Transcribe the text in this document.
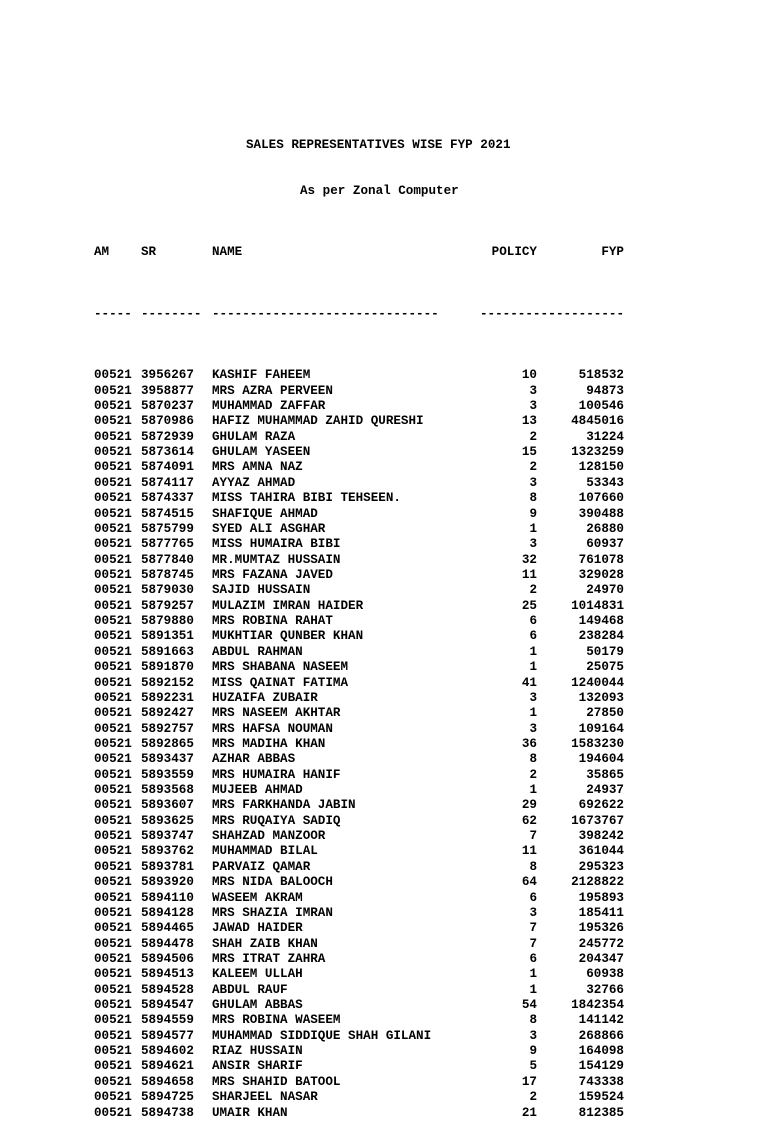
SALES REPRESENTATIVES WISE FYP 2021

As per Zonal Computer

AM	SR	NAME	POLICY	FYP

----- -------- ------------------------------	--------------------

00521 3956267 KASHIF FAHEEM	10	518532
00521 3958877 MRS AZRA PERVEEN	3	94873
00521 5870237 MUHAMMAD ZAFFAR	3	100546
00521 5870986 HAFIZ MUHAMMAD ZAHID QURESHI	13	4845016
00521 5872939 GHULAM RAZA	2	31224
00521 5873614 GHULAM YASEEN	15	1323259
00521 5874091 MRS AMNA NAZ	2	128150
00521 5874117 AYYAZ AHMAD	3	53343
00521 5874337 MISS TAHIRA BIBI TEHSEEN.	8	107660
00521 5874515 SHAFIQUE AHMAD	9	390488
00521 5875799 SYED ALI ASGHAR	1	26880
00521 5877765 MISS HUMAIRA BIBI	3	60937
00521 5877840 MR.MUMTAZ HUSSAIN	32	761078
00521 5878745 MRS FAZANA JAVED	11	329028
00521 5879030 SAJID HUSSAIN	2	24970
00521 5879257 MULAZIM IMRAN HAIDER	25	1014831
00521 5879880 MRS ROBINA RAHAT	6	149468
00521 5891351 MUKHTIAR QUNBER KHAN	6	238284
00521 5891663 ABDUL RAHMAN	1	50179
00521 5891870 MRS SHABANA NASEEM	1	25075
00521 5892152 MISS QAINAT FATIMA	41	1240044
00521 5892231 HUZAIFA ZUBAIR	3	132093
00521 5892427 MRS NASEEM AKHTAR	1	27850
00521 5892757 MRS HAFSA NOUMAN	3	109164
00521 5892865 MRS MADIHA KHAN	36	1583230
00521 5893437 AZHAR ABBAS	8	194604
00521 5893559 MRS HUMAIRA HANIF	2	35865
00521 5893568 MUJEEB AHMAD	1	24937
00521 5893607 MRS FARKHANDA JABIN	29	692622
00521 5893625 MRS RUQAIYA SADIQ	62	1673767
00521 5893747 SHAHZAD MANZOOR	7	398242
00521 5893762 MUHAMMAD BILAL	11	361044
00521 5893781 PARVAIZ QAMAR	8	295323
00521 5893920 MRS NIDA BALOOCH	64	2128822
00521 5894110 WASEEM AKRAM	6	195893
00521 5894128 MRS SHAZIA IMRAN	3	185411
00521 5894465 JAWAD HAIDER	7	195326
00521 5894478 SHAH ZAIB KHAN	7	245772
00521 5894506 MRS ITRAT ZAHRA	6	204347
00521 5894513 KALEEM ULLAH	1	60938
00521 5894528 ABDUL RAUF	1	32766
00521 5894547 GHULAM ABBAS	54	1842354
00521 5894559 MRS ROBINA WASEEM	8	141142
00521 5894577 MUHAMMAD SIDDIQUE SHAH GILANI	3	268866
00521 5894602 RIAZ HUSSAIN	9	164098
00521 5894621 ANSIR SHARIF	5	154129
00521 5894658 MRS SHAHID BATOOL	17	743338
00521 5894725 SHARJEEL NASAR	2	159524
00521 5894738 UMAIR KHAN	21	812385
